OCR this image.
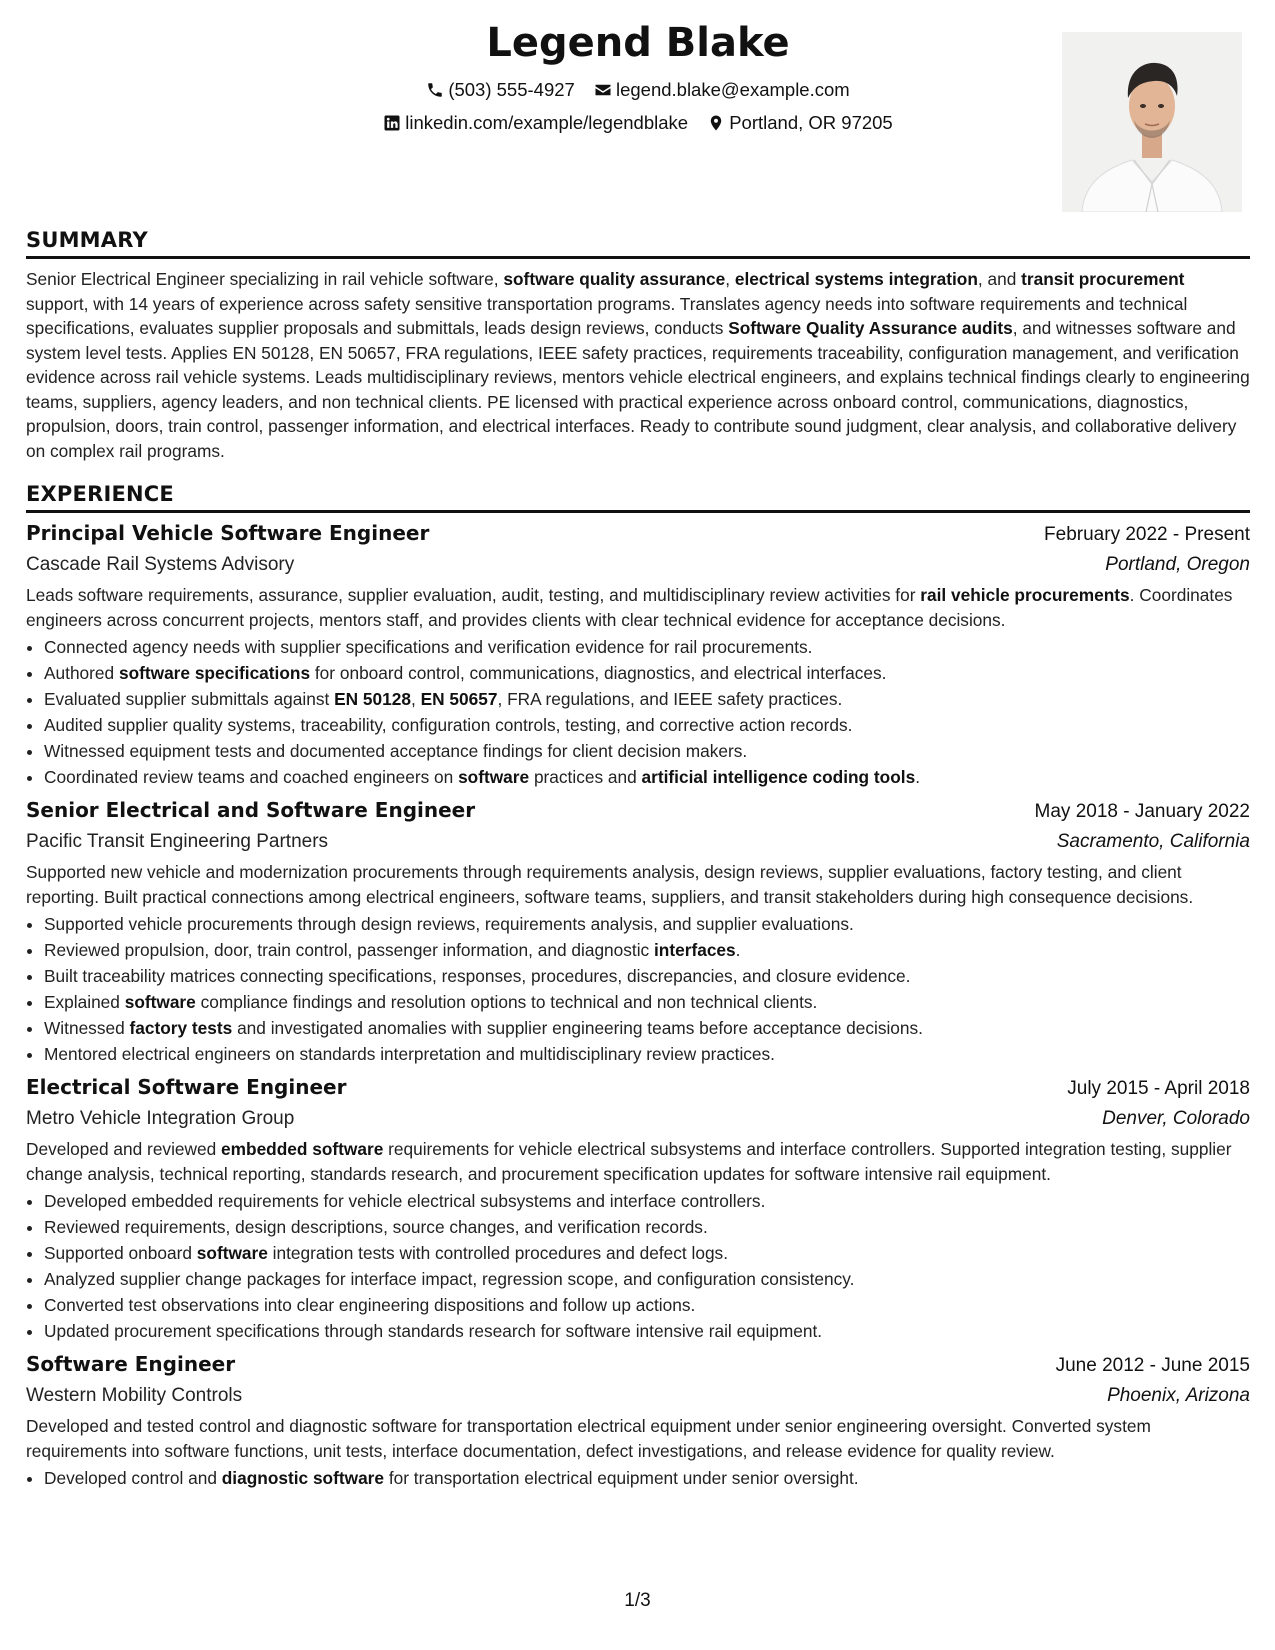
Legend Blake
(503) 555-4927
legend.blake@example.com
linkedin.com/example/legendblake
Portland, OR 97205
SUMMARY

Senior Electrical Engineer specializing in rail vehicle software, software quality assurance, electrical systems integration, and transit procurement support, with 14 years of experience across safety sensitive transportation programs. Translates agency needs into software requirements and technical specifications, evaluates supplier proposals and submittals, leads design reviews, conducts Software Quality Assurance audits, and witnesses software and system level tests. Applies EN 50128, EN 50657, FRA regulations, IEEE safety practices, requirements traceability, configuration management, and verification evidence across rail vehicle systems. Leads multidisciplinary reviews, mentors vehicle electrical engineers, and explains technical findings clearly to engineering teams, suppliers, agency leaders, and non technical clients. PE licensed with practical experience across onboard control, communications, diagnostics, propulsion, doors, train control, passenger information, and electrical interfaces. Ready to contribute sound judgment, clear analysis, and collaborative delivery on complex rail programs.

EXPERIENCE
Principal Vehicle Software Engineer	February 2022 - Present
Cascade Rail Systems Advisory	Portland, Oregon

Leads software requirements, assurance, supplier evaluation, audit, testing, and multidisciplinary review activities for rail vehicle procurements. Coordinates engineers across concurrent projects, mentors staff, and provides clients with clear technical evidence for acceptance decisions.

• Connected agency needs with supplier specifications and verification evidence for rail procurements.
• Authored software specifications for onboard control, communications, diagnostics, and electrical interfaces.
• Evaluated supplier submittals against EN 50128, EN 50657, FRA regulations, and IEEE safety practices.
• Audited supplier quality systems, traceability, configuration controls, testing, and corrective action records.
• Witnessed equipment tests and documented acceptance findings for client decision makers.
• Coordinated review teams and coached engineers on software practices and artificial intelligence coding tools.
Senior Electrical and Software Engineer	May 2018 - January 2022
Pacific Transit Engineering Partners	Sacramento, California

Supported new vehicle and modernization procurements through requirements analysis, design reviews, supplier evaluations, factory testing, and client reporting. Built practical connections among electrical engineers, software teams, suppliers, and transit stakeholders during high consequence decisions.

• Supported vehicle procurements through design reviews, requirements analysis, and supplier evaluations.
• Reviewed propulsion, door, train control, passenger information, and diagnostic interfaces.
• Built traceability matrices connecting specifications, responses, procedures, discrepancies, and closure evidence.
• Explained software compliance findings and resolution options to technical and non technical clients.
• Witnessed factory tests and investigated anomalies with supplier engineering teams before acceptance decisions.
• Mentored electrical engineers on standards interpretation and multidisciplinary review practices.
Electrical Software Engineer	July 2015 - April 2018
Metro Vehicle Integration Group	Denver, Colorado

Developed and reviewed embedded software requirements for vehicle electrical subsystems and interface controllers. Supported integration testing, supplier change analysis, technical reporting, standards research, and procurement specification updates for software intensive rail equipment.

• Developed embedded requirements for vehicle electrical subsystems and interface controllers.
• Reviewed requirements, design descriptions, source changes, and verification records.
• Supported onboard software integration tests with controlled procedures and defect logs.
• Analyzed supplier change packages for interface impact, regression scope, and configuration consistency.
• Converted test observations into clear engineering dispositions and follow up actions.
• Updated procurement specifications through standards research for software intensive rail equipment.
Software Engineer	June 2012 - June 2015
Western Mobility Controls	Phoenix, Arizona

Developed and tested control and diagnostic software for transportation electrical equipment under senior engineering oversight. Converted system requirements into software functions, unit tests, interface documentation, defect investigations, and release evidence for quality review.

• Developed control and diagnostic software for transportation electrical equipment under senior oversight.
1/3
